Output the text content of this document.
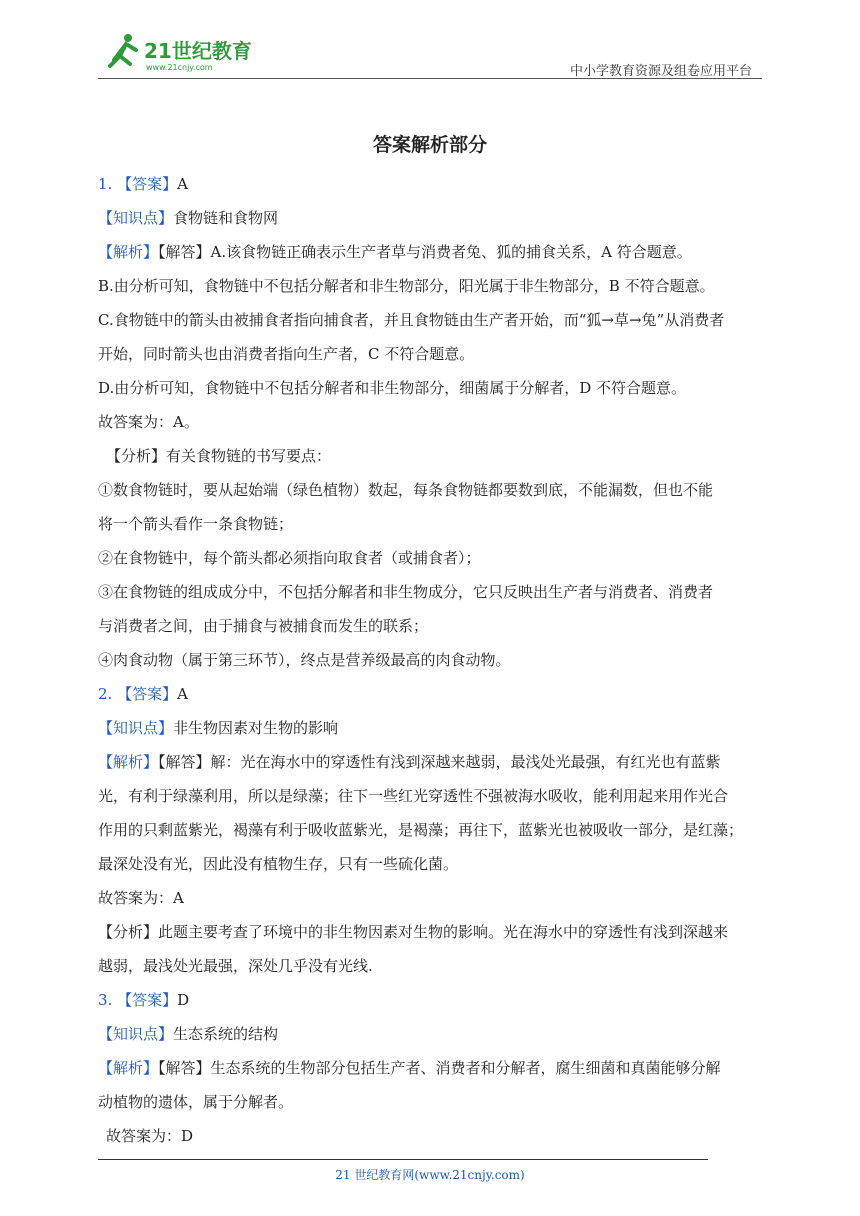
21世纪教育
www.21cnjy.com	中小学教育资源及组卷应用平台
答案解析部分
1. 【答案】A
【知识点】食物链和食物网
【解析】【解答】A.该食物链正确表示生产者草与消费者兔、狐的捕食关系，A 符合题意。
B.由分析可知，食物链中不包括分解者和非生物部分，阳光属于非生物部分，B 不符合题意。
C.食物链中的箭头由被捕食者指向捕食者，并且食物链由生产者开始，而“狐→草→兔”从消费者
开始，同时箭头也由消费者指向生产者，C 不符合题意。
D.由分析可知，食物链中不包括分解者和非生物部分，细菌属于分解者，D 不符合题意。
故答案为：A。
【分析】有关食物链的书写要点：
①数食物链时，要从起始端（绿色植物）数起，每条食物链都要数到底，不能漏数，但也不能
将一个箭头看作一条食物链；
②在食物链中，每个箭头都必须指向取食者（或捕食者）；
③在食物链的组成成分中，不包括分解者和非生物成分，它只反映出生产者与消费者、消费者
与消费者之间，由于捕食与被捕食而发生的联系；
④肉食动物（属于第三环节），终点是营养级最高的肉食动物。
2. 【答案】A
【知识点】非生物因素对生物的影响
【解析】【解答】解：光在海水中的穿透性有浅到深越来越弱，最浅处光最强，有红光也有蓝紫
光，有利于绿藻利用，所以是绿藻；往下一些红光穿透性不强被海水吸收，能利用起来用作光合
作用的只剩蓝紫光，褐藻有利于吸收蓝紫光，是褐藻；再往下，蓝紫光也被吸收一部分，是红藻；
最深处没有光，因此没有植物生存，只有一些硫化菌。
故答案为：A
【分析】此题主要考查了环境中的非生物因素对生物的影响。光在海水中的穿透性有浅到深越来
越弱，最浅处光最强，深处几乎没有光线.
3. 【答案】D
【知识点】生态系统的结构
【解析】【解答】生态系统的生物部分包括生产者、消费者和分解者，腐生细菌和真菌能够分解
动植物的遗体，属于分解者。
故答案为：D
21 世纪教育网(www.21cnjy.com)
